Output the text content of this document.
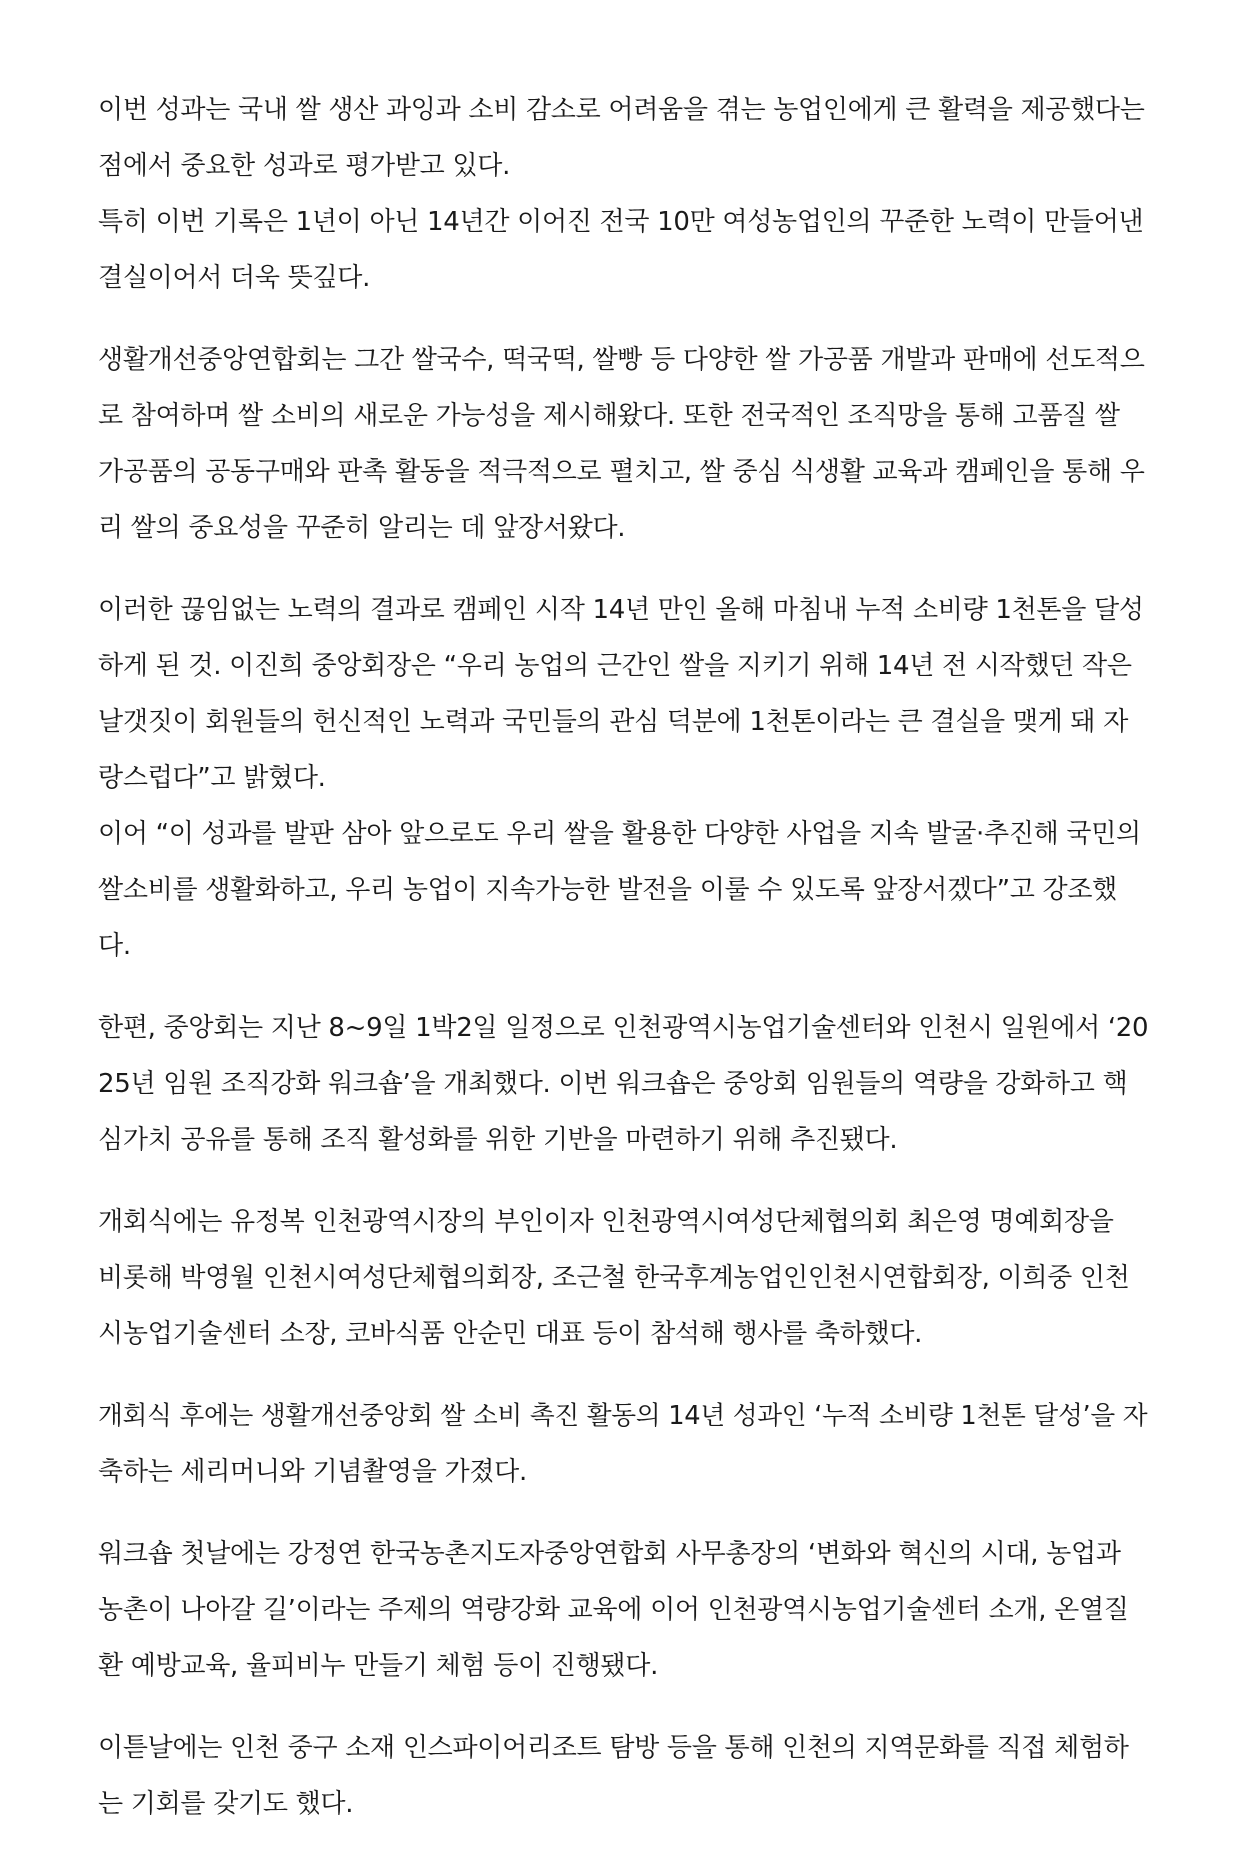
이번 성과는 국내 쌀 생산 과잉과 소비 감소로 어려움을 겪는 농업인에게 큰 활력을 제공했다는
점에서 중요한 성과로 평가받고 있다.
특히 이번 기록은 1년이 아닌 14년간 이어진 전국 10만 여성농업인의 꾸준한 노력이 만들어낸
결실이어서 더욱 뜻깊다.
생활개선중앙연합회는 그간 쌀국수, 떡국떡, 쌀빵 등 다양한 쌀 가공품 개발과 판매에 선도적으
로 참여하며 쌀 소비의 새로운 가능성을 제시해왔다. 또한 전국적인 조직망을 통해 고품질 쌀
가공품의 공동구매와 판촉 활동을 적극적으로 펼치고, 쌀 중심 식생활 교육과 캠페인을 통해 우
리 쌀의 중요성을 꾸준히 알리는 데 앞장서왔다.
이러한 끊임없는 노력의 결과로 캠페인 시작 14년 만인 올해 마침내 누적 소비량 1천톤을 달성
하게 된 것. 이진희 중앙회장은 “우리 농업의 근간인 쌀을 지키기 위해 14년 전 시작했던 작은
날갯짓이 회원들의 헌신적인 노력과 국민들의 관심 덕분에 1천톤이라는 큰 결실을 맺게 돼 자
랑스럽다”고 밝혔다.
이어 “이 성과를 발판 삼아 앞으로도 우리 쌀을 활용한 다양한 사업을 지속 발굴·추진해 국민의
쌀소비를 생활화하고, 우리 농업이 지속가능한 발전을 이룰 수 있도록 앞장서겠다”고 강조했
다.
한편, 중앙회는 지난 8~9일 1박2일 일정으로 인천광역시농업기술센터와 인천시 일원에서 ‘20
25년 임원 조직강화 워크숍’을 개최했다. 이번 워크숍은 중앙회 임원들의 역량을 강화하고 핵
심가치 공유를 통해 조직 활성화를 위한 기반을 마련하기 위해 추진됐다.
개회식에는 유정복 인천광역시장의 부인이자 인천광역시여성단체협의회 최은영 명예회장을
비롯해 박영월 인천시여성단체협의회장, 조근철 한국후계농업인인천시연합회장, 이희중 인천
시농업기술센터 소장, 코바식품 안순민 대표 등이 참석해 행사를 축하했다.
개회식 후에는 생활개선중앙회 쌀 소비 촉진 활동의 14년 성과인 ‘누적 소비량 1천톤 달성’을 자
축하는 세리머니와 기념촬영을 가졌다.
워크숍 첫날에는 강정연 한국농촌지도자중앙연합회 사무총장의 ‘변화와 혁신의 시대, 농업과
농촌이 나아갈 길’이라는 주제의 역량강화 교육에 이어 인천광역시농업기술센터 소개, 온열질
환 예방교육, 율피비누 만들기 체험 등이 진행됐다.
이튿날에는 인천 중구 소재 인스파이어리조트 탐방 등을 통해 인천의 지역문화를 직접 체험하
는 기회를 갖기도 했다.
